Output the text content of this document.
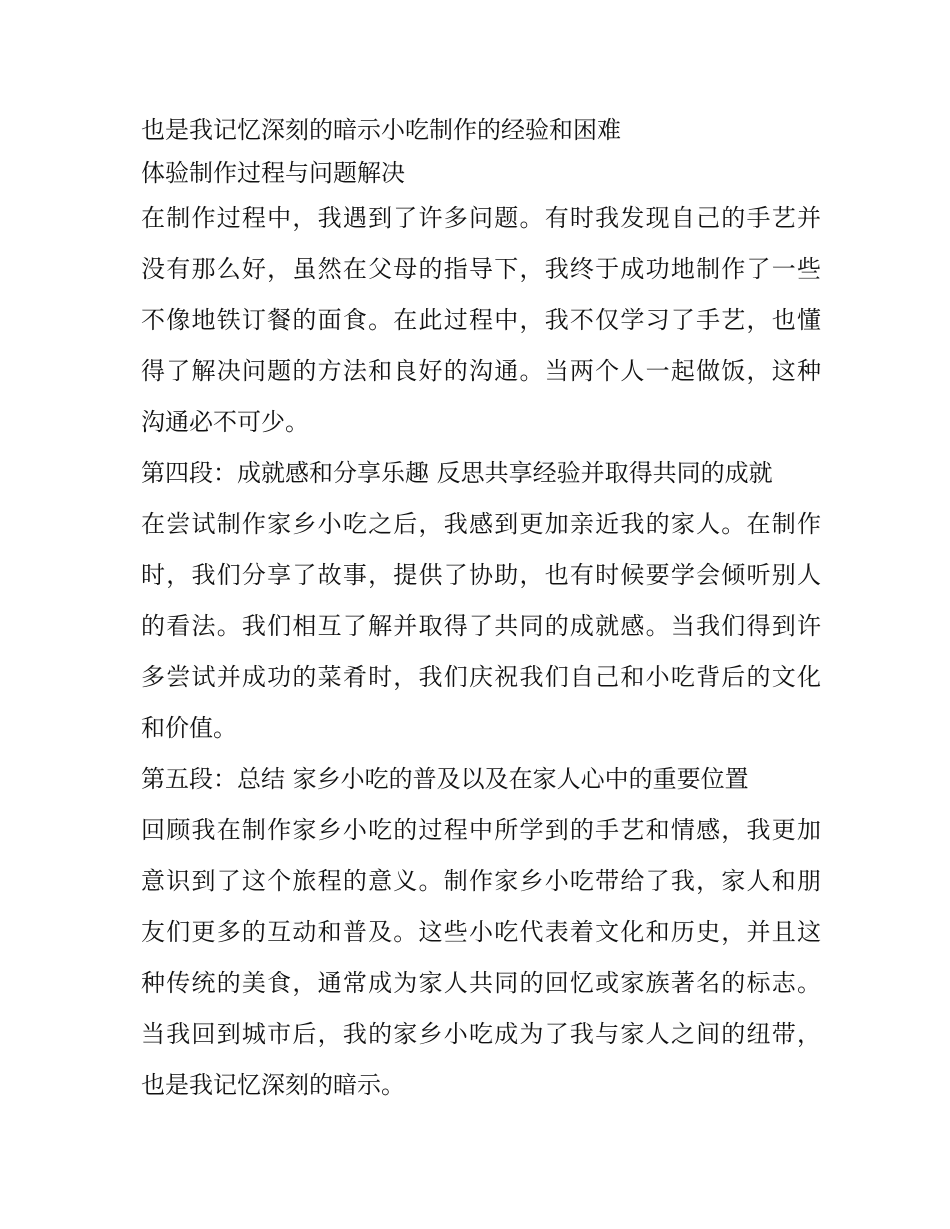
也是我记忆深刻的暗示小吃制作的经验和困难
体验制作过程与问题解决
在制作过程中，我遇到了许多问题。有时我发现自己的手艺并
没有那么好，虽然在父母的指导下，我终于成功地制作了一些
不像地铁订餐的面食。在此过程中，我不仅学习了手艺，也懂
得了解决问题的方法和良好的沟通。当两个人一起做饭，这种
沟通必不可少。
第四段：成就感和分享乐趣 反思共享经验并取得共同的成就
在尝试制作家乡小吃之后，我感到更加亲近我的家人。在制作
时，我们分享了故事，提供了协助，也有时候要学会倾听别人
的看法。我们相互了解并取得了共同的成就感。当我们得到许
多尝试并成功的菜肴时，我们庆祝我们自己和小吃背后的文化
和价值。
第五段：总结 家乡小吃的普及以及在家人心中的重要位置
回顾我在制作家乡小吃的过程中所学到的手艺和情感，我更加
意识到了这个旅程的意义。制作家乡小吃带给了我，家人和朋
友们更多的互动和普及。这些小吃代表着文化和历史，并且这
种传统的美食，通常成为家人共同的回忆或家族著名的标志。
当我回到城市后，我的家乡小吃成为了我与家人之间的纽带，
也是我记忆深刻的暗示。
